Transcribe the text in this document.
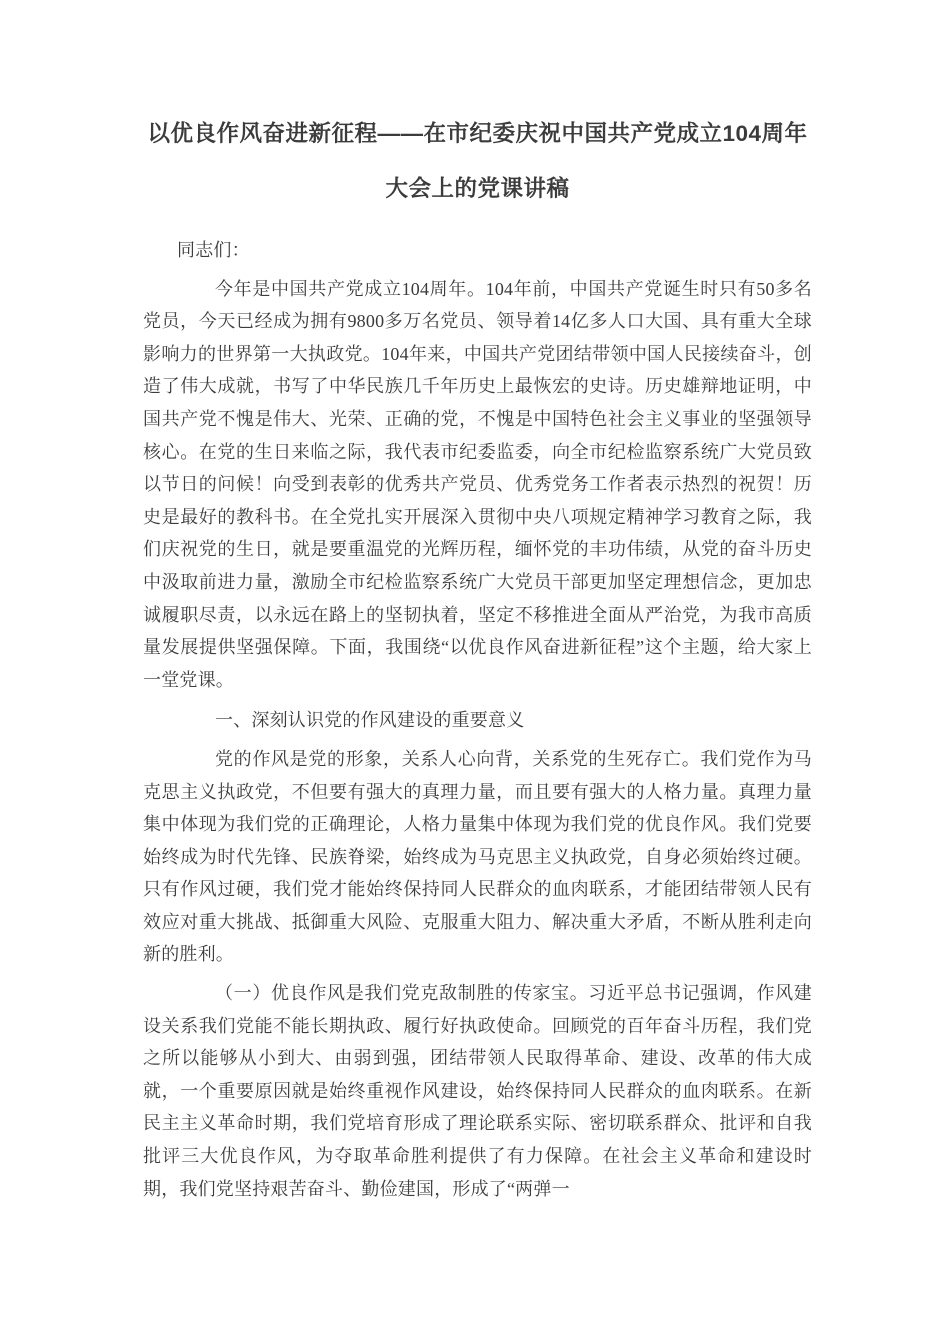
以优良作风奋进新征程——在市纪委庆祝中国共产党成立104周年大会上的党课讲稿

同志们：

今年是中国共产党成立104周年。104年前，中国共产党诞生时只有50多名党员，今天已经成为拥有9800多万名党员、领导着14亿多人口大国、具有重大全球影响力的世界第一大执政党。104年来，中国共产党团结带领中国人民接续奋斗，创造了伟大成就，书写了中华民族几千年历史上最恢宏的史诗。历史雄辩地证明，中国共产党不愧是伟大、光荣、正确的党，不愧是中国特色社会主义事业的坚强领导核心。在党的生日来临之际，我代表市纪委监委，向全市纪检监察系统广大党员致以节日的问候！向受到表彰的优秀共产党员、优秀党务工作者表示热烈的祝贺！历史是最好的教科书。在全党扎实开展深入贯彻中央八项规定精神学习教育之际，我们庆祝党的生日，就是要重温党的光辉历程，缅怀党的丰功伟绩，从党的奋斗历史中汲取前进力量，激励全市纪检监察系统广大党员干部更加坚定理想信念，更加忠诚履职尽责，以永远在路上的坚韧执着，坚定不移推进全面从严治党，为我市高质量发展提供坚强保障。下面，我围绕“以优良作风奋进新征程”这个主题，给大家上一堂党课。

一、深刻认识党的作风建设的重要意义

党的作风是党的形象，关系人心向背，关系党的生死存亡。我们党作为马克思主义执政党，不但要有强大的真理力量，而且要有强大的人格力量。真理力量集中体现为我们党的正确理论，人格力量集中体现为我们党的优良作风。我们党要始终成为时代先锋、民族脊梁，始终成为马克思主义执政党，自身必须始终过硬。只有作风过硬，我们党才能始终保持同人民群众的血肉联系，才能团结带领人民有效应对重大挑战、抵御重大风险、克服重大阻力、解决重大矛盾，不断从胜利走向新的胜利。

（一）优良作风是我们党克敌制胜的传家宝。习近平总书记强调，作风建设关系我们党能不能长期执政、履行好执政使命。回顾党的百年奋斗历程，我们党之所以能够从小到大、由弱到强，团结带领人民取得革命、建设、改革的伟大成就，一个重要原因就是始终重视作风建设，始终保持同人民群众的血肉联系。在新民主主义革命时期，我们党培育形成了理论联系实际、密切联系群众、批评和自我批评三大优良作风，为夺取革命胜利提供了有力保障。在社会主义革命和建设时期，我们党坚持艰苦奋斗、勤俭建国，形成了“两弹一
